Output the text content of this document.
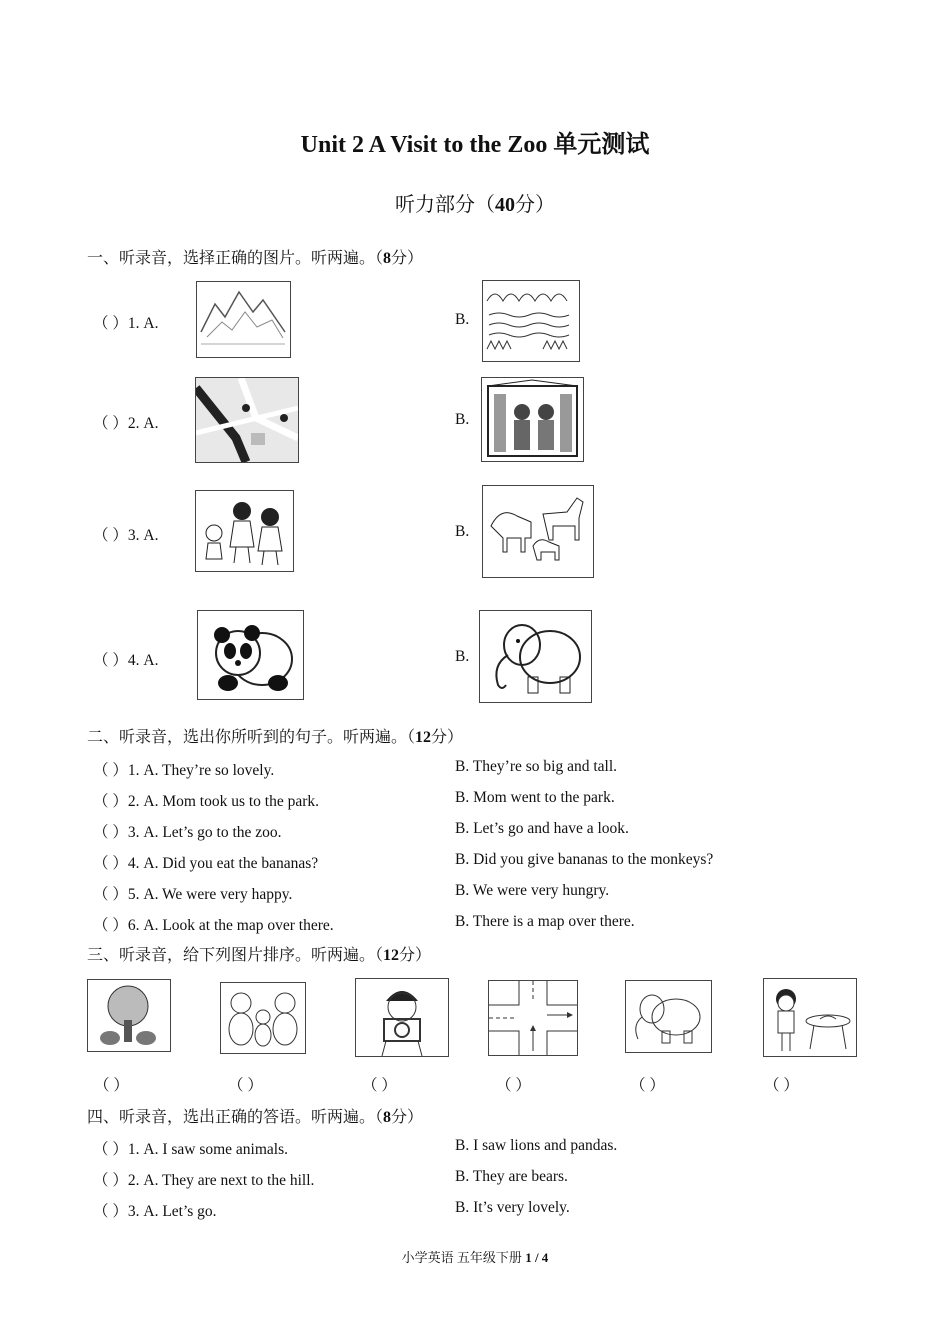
Unit 2 A Visit to the Zoo 单元测试
听力部分（40分）
一、听录音，选择正确的图片。听两遍。（8分）
（ ）1. A.	B.
（ ）2. A.	B.
（ ）3. A.	B.
（ ）4. A.	B.
二、听录音，选出你所听到的句子。听两遍。（12分）
（ ）1. A. They’re so lovely.	B. They’re so big and tall.
（ ）2. A. Mom took us to the park.	B. Mom went to the park.
（ ）3. A. Let’s go to the zoo.	B. Let’s go and have a look.
（ ）4. A. Did you eat the bananas?	B. Did you give bananas to the monkeys?
（ ）5. A. We were very happy.	B. We were very hungry.
（ ）6. A. Look at the map over there.	B. There is a map over there.
三、听录音，给下列图片排序。听两遍。（12分）
（ ）	（ ）	（ ）	（ ）	（ ）	（ ）
四、听录音，选出正确的答语。听两遍。（8分）
（ ）1. A. I saw some animals.	B. I saw lions and pandas.
（ ）2. A. They are next to the hill.	B. They are bears.
（ ）3. A. Let’s go.	B. It’s very lovely.
小学英语 五年级下册 1 / 4
